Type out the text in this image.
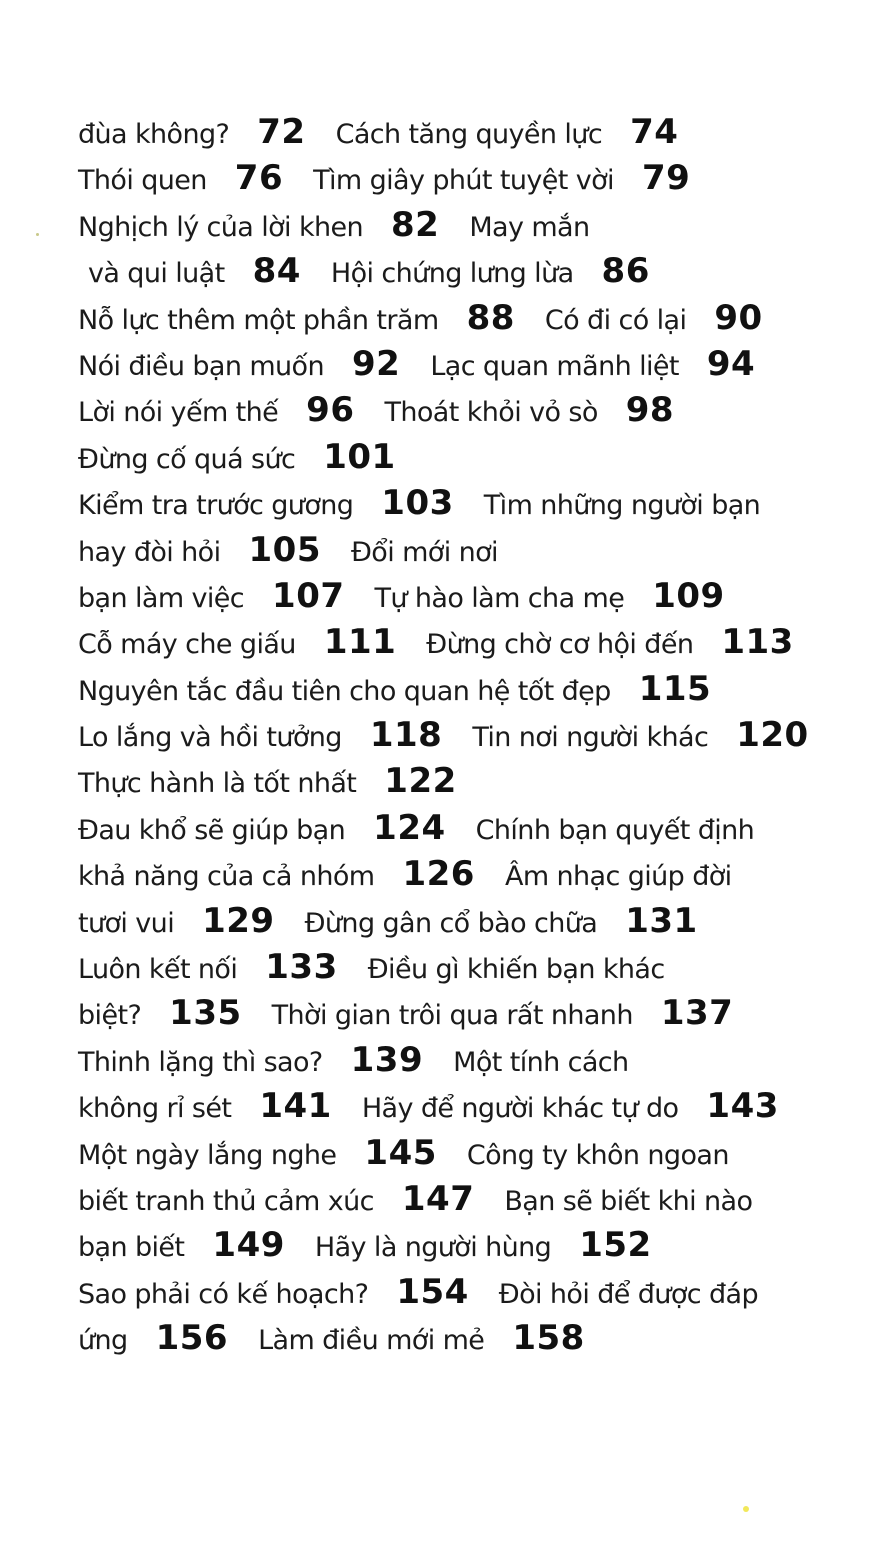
đùa không? 72 Cách tăng quyền lực 74
Thói quen 76 Tìm giây phút tuyệt vời 79
Nghịch lý của lời khen 82 May mắn
và qui luật 84 Hội chứng lưng lừa 86
Nỗ lực thêm một phần trăm 88 Có đi có lại 90
Nói điều bạn muốn 92 Lạc quan mãnh liệt 94
Lời nói yếm thế 96 Thoát khỏi vỏ sò 98
Đừng cố quá sức 101
Kiểm tra trước gương 103 Tìm những người bạn
hay đòi hỏi 105 Đổi mới nơi
bạn làm việc 107 Tự hào làm cha mẹ 109
Cỗ máy che giấu 111 Đừng chờ cơ hội đến 113
Nguyên tắc đầu tiên cho quan hệ tốt đẹp 115
Lo lắng và hồi tưởng 118 Tin nơi người khác 120
Thực hành là tốt nhất 122
Đau khổ sẽ giúp bạn 124 Chính bạn quyết định
khả năng của cả nhóm 126 Âm nhạc giúp đời
tươi vui 129 Đừng gân cổ bào chữa 131
Luôn kết nối 133 Điều gì khiến bạn khác
biệt? 135 Thời gian trôi qua rất nhanh 137
Thinh lặng thì sao? 139 Một tính cách
không rỉ sét 141 Hãy để người khác tự do 143
Một ngày lắng nghe 145 Công ty khôn ngoan
biết tranh thủ cảm xúc 147 Bạn sẽ biết khi nào
bạn biết 149 Hãy là người hùng 152
Sao phải có kế hoạch? 154 Đòi hỏi để được đáp
ứng 156 Làm điều mới mẻ 158
